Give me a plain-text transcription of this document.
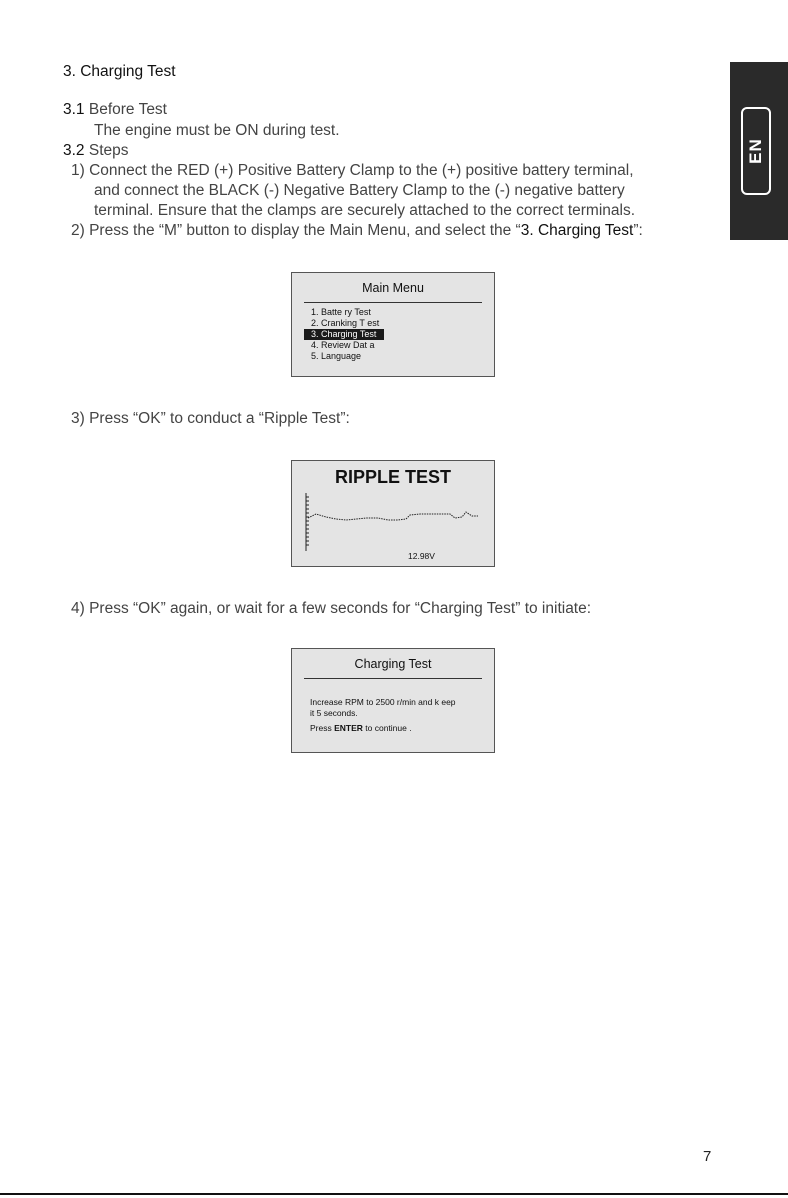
3. Charging Test
EN
3.1 Before Test
The engine must be ON during test.
3.2 Steps
1) Connect the RED (+) Positive Battery Clamp to the (+) positive battery terminal,
and connect the BLACK (-) Negative Battery Clamp to the (-) negative battery
terminal. Ensure that the clamps are securely attached to the correct terminals.
2) Press the “M” button to display the Main Menu, and select the “3. Charging Test”:
Main Menu
1. Batte ry Test
2. Cranking T est
3. Charging Test
4. Review Dat a
5. Language
3) Press “OK” to conduct a “Ripple Test”:
RIPPLE TEST
12.98V
4) Press “OK” again, or wait for a few seconds for “Charging Test” to initiate:
Charging Test
Increase RPM to 2500 r/min and k eep
it 5 seconds.
Press ENTER to continue .
7
